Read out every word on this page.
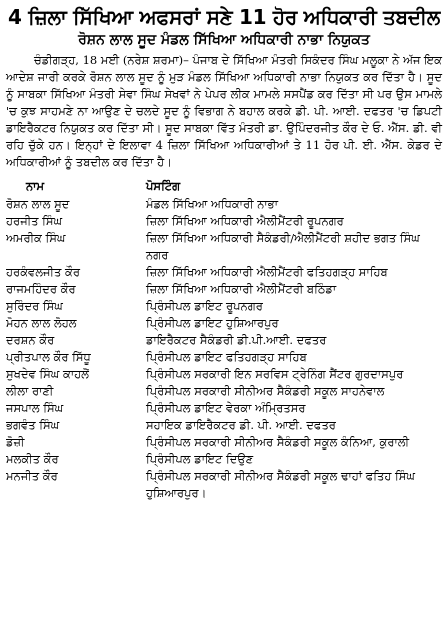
4 ਜ਼ਿਲਾ ਸਿੱਖਿਆ ਅਫਸਰਾਂ ਸਣੇ 11 ਹੋਰ ਅਧਿਕਾਰੀ ਤਬਦੀਲ
ਰੋਸ਼ਨ ਲਾਲ ਸੂਦ ਮੰਡਲ ਸਿੱਖਿਆ ਅਧਿਕਾਰੀ ਨਾਭਾ ਨਿਯੁਕਤ

ਚੰਡੀਗੜ੍ਹ, 18 ਮਈ (ਨਰੇਸ਼ ਸ਼ਰਮਾ)– ਪੰਜਾਬ ਦੇ ਸਿੱਖਿਆ ਮੰਤਰੀ ਸਿਕੰਦਰ ਸਿੰਘ ਮਲੂਕਾ ਨੇ ਅੱਜ ਇਕ ਆਦੇਸ਼ ਜਾਰੀ ਕਰਕੇ ਰੋਸ਼ਨ ਲਾਲ ਸੂਦ ਨੂੰ ਮੁੜ ਮੰਡਲ ਸਿੱਖਿਆ ਅਧਿਕਾਰੀ ਨਾਭਾ ਨਿਯੁਕਤ ਕਰ ਦਿੱਤਾ ਹੈ। ਸੂਦ ਨੂੰ ਸਾਬਕਾ ਸਿੱਖਿਆ ਮੰਤਰੀ ਸੇਵਾ ਸਿੰਘ ਸੇਖਵਾਂ ਨੇ ਪੇਪਰ ਲੀਕ ਮਾਮਲੇ ਸਸਪੈਂਡ ਕਰ ਦਿੱਤਾ ਸੀ ਪਰ ਉਸ ਮਾਮਲੇ 'ਚ ਕੁਝ ਸਾਹਮਣੇ ਨਾ ਆਉਣ ਦੇ ਚਲਦੇ ਸੂਦ ਨੂੰ ਵਿਭਾਗ ਨੇ ਬਹਾਲ ਕਰਕੇ ਡੀ. ਪੀ. ਆਈ. ਦਫਤਰ 'ਚ ਡਿਪਟੀ ਡਾਇਰੈਕਟਰ ਨਿਯੁਕਤ ਕਰ ਦਿੱਤਾ ਸੀ। ਸੂਦ ਸਾਬਕਾ ਵਿੱਤ ਮੰਤਰੀ ਡਾ. ਉਪਿੰਦਰਜੀਤ ਕੌਰ ਦੇ ਓ. ਐੱਸ. ਡੀ. ਵੀ ਰਹਿ ਚੁੱਕੇ ਹਨ। ਇਨ੍ਹਾਂ ਦੇ ਇਲਾਵਾ 4 ਜ਼ਿਲਾ ਸਿੱਖਿਆ ਅਧਿਕਾਰੀਆਂ ਤੇ 11 ਹੋਰ ਪੀ. ਈ. ਐੱਸ. ਕੇਡਰ ਦੇ ਅਧਿਕਾਰੀਆਂ ਨੂੰ ਤਬਦੀਲ ਕਰ ਦਿੱਤਾ ਹੈ।

ਨਾਮ	ਪੋਸਟਿੰਗ
ਰੋਸ਼ਨ ਲਾਲ ਸੂਦ	ਮੰਡਲ ਸਿੱਖਿਆ ਅਧਿਕਾਰੀ ਨਾਭਾ
ਹਰਜੀਤ ਸਿੰਘ	ਜ਼ਿਲਾ ਸਿੱਖਿਆ ਅਧਿਕਾਰੀ ਐਲੀਮੈਂਟਰੀ ਰੂਪਨਗਰ
ਅਮਰੀਕ ਸਿੰਘ	ਜ਼ਿਲਾ ਸਿੱਖਿਆ ਅਧਿਕਾਰੀ ਸੈਕੰਡਰੀ/ਐਲੀਮੈਂਟਰੀ ਸ਼ਹੀਦ ਭਗਤ ਸਿੰਘ ਨਗਰ
ਹਰਕੰਵਲਜੀਤ ਕੌਰ	ਜ਼ਿਲਾ ਸਿੱਖਿਆ ਅਧਿਕਾਰੀ ਐਲੀਮੈਂਟਰੀ ਫਤਿਹਗੜ੍ਹ ਸਾਹਿਬ
ਰਾਜਮਹਿੰਦਰ ਕੌਰ	ਜ਼ਿਲਾ ਸਿੱਖਿਆ ਅਧਿਕਾਰੀ ਐਲੀਮੈਂਟਰੀ ਬਠਿੰਡਾ
ਸੁਰਿੰਦਰ ਸਿੰਘ	ਪ੍ਰਿੰਸੀਪਲ ਡਾਇਟ ਰੂਪਨਗਰ
ਮੋਹਨ ਲਾਲ ਲੋਹਲ	ਪ੍ਰਿੰਸੀਪਲ ਡਾਇਟ ਹੁਸ਼ਿਆਰਪੁਰ
ਦਰਸ਼ਨ ਕੌਰ	ਡਾਇਰੈਕਟਰ ਸੈਕੰਡਰੀ ਡੀ.ਪੀ.ਆਈ. ਦਫਤਰ
ਪ੍ਰੀਤਪਾਲ ਕੌਰ ਸਿੱਧੂ	ਪ੍ਰਿੰਸੀਪਲ ਡਾਇਟ ਫਤਿਹਗੜ੍ਹ ਸਾਹਿਬ
ਸੁਖਦੇਵ ਸਿੰਘ ਕਾਹਲੋਂ	ਪ੍ਰਿੰਸੀਪਲ ਸਰਕਾਰੀ ਇਨ ਸਰਵਿਸ ਟ੍ਰੇਨਿੰਗ ਸੈਂਟਰ ਗੁਰਦਾਸਪੁਰ
ਲੀਲਾ ਰਾਣੀ	ਪ੍ਰਿੰਸੀਪਲ ਸਰਕਾਰੀ ਸੀਨੀਅਰ ਸੈਕੰਡਰੀ ਸਕੂਲ ਸਾਹਨੇਵਾਲ
ਜਸਪਾਲ ਸਿੰਘ	ਪ੍ਰਿੰਸੀਪਲ ਡਾਇਟ ਵੇਰਕਾ ਅੰਮ੍ਰਿਤਸਰ
ਭਗਵੰਤ ਸਿੰਘ	ਸਹਾਇਕ ਡਾਇਰੈਕਟਰ ਡੀ. ਪੀ. ਆਈ. ਦਫਤਰ
ਡੋਜ਼ੀ	ਪ੍ਰਿੰਸੀਪਲ ਸਰਕਾਰੀ ਸੀਨੀਅਰ ਸੈਕੰਡਰੀ ਸਕੂਲ ਕੰਨਿਆ, ਕੁਰਾਲੀ
ਮਲਕੀਤ ਕੌਰ	ਪ੍ਰਿੰਸੀਪਲ ਡਾਇਟ ਦਿਉਣ
ਮਨਜੀਤ ਕੌਰ	ਪ੍ਰਿੰਸੀਪਲ ਸਰਕਾਰੀ ਸੀਨੀਅਰ ਸੈਕੰਡਰੀ ਸਕੂਲ ਢਾਹਾਂ ਫਤਿਹ ਸਿੰਘ ਹੁਸ਼ਿਆਰਪੁਰ।
